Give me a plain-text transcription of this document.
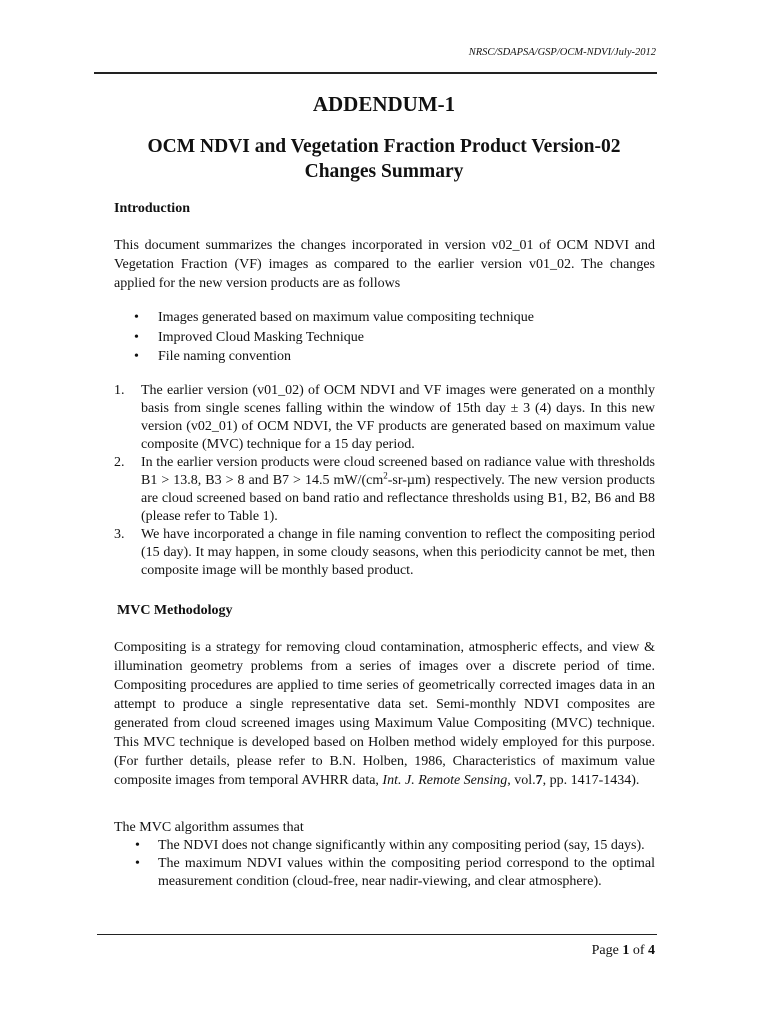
NRSC/SDAPSA/GSP/OCM-NDVI/July-2012
ADDENDUM-1
OCM NDVI and Vegetation Fraction Product Version-02
Changes Summary
Introduction

This document summarizes the changes incorporated in version v02_01 of OCM NDVI and Vegetation Fraction (VF) images as compared to the earlier version v01_02. The changes applied for the new version products are as follows

• Images generated based on maximum value compositing technique
• Improved Cloud Masking Technique
• File naming convention
1. The earlier version (v01_02) of OCM NDVI and VF images were generated on a monthly basis from single scenes falling within the window of 15th day ± 3 (4) days. In this new version (v02_01) of OCM NDVI, the VF products are generated based on maximum value composite (MVC) technique for a 15 day period.
2. In the earlier version products were cloud screened based on radiance value with thresholds B1 > 13.8, B3 > 8 and B7 > 14.5 $mW/(cm^2-sr-\mu m)$ respectively. The new version products are cloud screened based on band ratio and reflectance thresholds using B1, B2, B6 and B8 (please refer to Table 1).
3. We have incorporated a change in file naming convention to reflect the compositing period (15 day). It may happen, in some cloudy seasons, when this periodicity cannot be met, then composite image will be monthly based product.
MVC Methodology

Compositing is a strategy for removing cloud contamination, atmospheric effects, and view & illumination geometry problems from a series of images over a discrete period of time. Compositing procedures are applied to time series of geometrically corrected images data in an attempt to produce a single representative data set. Semi-monthly NDVI composites are generated from cloud screened images using Maximum Value Compositing (MVC) technique. This MVC technique is developed based on Holben method widely employed for this purpose. (For further details, please refer to B.N. Holben, 1986, Characteristics of maximum value composite images from temporal AVHRR data, Int. J. Remote Sensing, vol.7, pp. 1417-1434).

The MVC algorithm assumes that

• The NDVI does not change significantly within any compositing period (say, 15 days).
• The maximum NDVI values within the compositing period correspond to the optimal measurement condition (cloud-free, near nadir-viewing, and clear atmosphere).
Page 1 of 4
